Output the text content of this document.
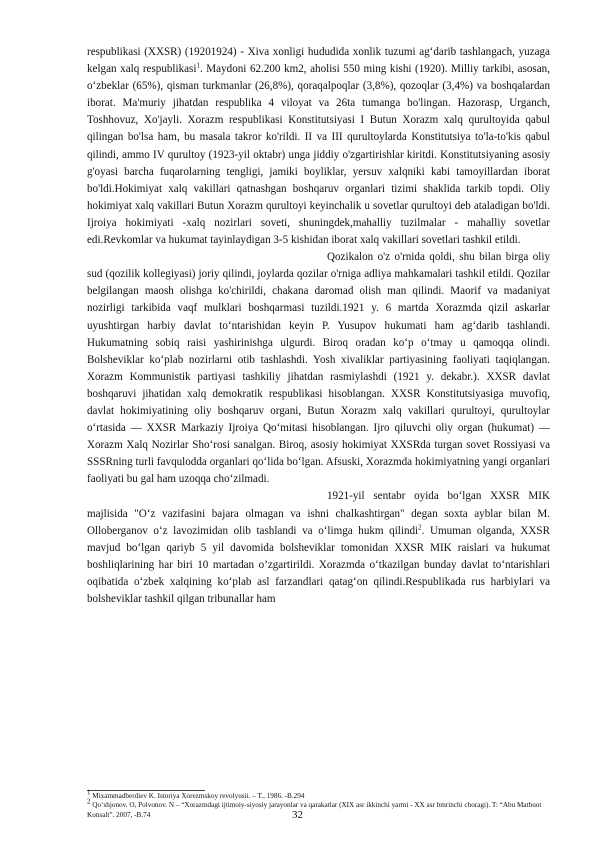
respublikasi (XXSR) (19201924) - Xiva xonligi hududida xonlik tuzumi ag‘darib tashlangach, yuzaga kelgan xalq respublikasi$^1$. Maydoni 62.200 km2, aholisi 550 ming kishi (1920). Milliy tarkibi, asosan, o‘zbeklar (65%), qisman turkmanlar (26,8%), qoraqalpoqlar (3,8%), qozoqlar (3,4%) va boshqalardan iborat. Ma'muriy jihatdan respublika 4 viloyat va 26ta tumanga bo'lingan. Hazorasp, Urganch, Toshhovuz, Xo'jayli. Xorazm respublikasi Konstitutsiyasi I Butun Xorazm xalq qurultoyida qabul qilingan bo'lsa ham, bu masala takror ko'rildi. II va III qurultoylarda Konstitutsiya to'la-to'kis qabul qilindi, ammo IV qurultoy (1923-yil oktabr) unga jiddiy o'zgartirishlar kiritdi. Konstitutsiyaning asosiy g'oyasi barcha fuqarolarning tengligi, jamiki boyliklar, yersuv xalqniki kabi tamoyillardan iborat bo'ldi.Hokimiyat xalq vakillari qatnashgan boshqaruv organlari tizimi shaklida tarkib topdi. Oliy hokimiyat xalq vakillari Butun Xorazm qurultoyi keyinchalik u sovetlar qurultoyi deb ataladigan bo'ldi. Ijroiya hokimiyati -xalq nozirlari soveti, shuningdek,mahalliy tuzilmalar - mahalliy sovetlar edi.Revkomlar va hukumat tayinlaydigan 3-5 kishidan iborat xalq vakillari sovetlari tashkil etildi.

Qozikalon o'z o'rnida qoldi, shu bilan birga oliy sud (qozilik kollegiyasi) joriy qilindi, joylarda qozilar o'rniga adliya mahkamalari tashkil etildi. Qozilar belgilangan maosh olishga ko'chirildi, chakana daromad olish man qilindi. Maorif va madaniyat nozirligi tarkibida vaqf mulklari boshqarmasi tuzildi.1921 y. 6 martda Xorazmda qizil askarlar uyushtirgan harbiy davlat to‘ntarishidan keyin P. Yusupov hukumati ham ag‘darib tashlandi. Hukumatning sobiq raisi yashirinishga ulgurdi. Biroq oradan ko‘p o‘tmay u qamoqqa olindi. Bolsheviklar ko‘plab nozirlarni otib tashlashdi. Yosh xivaliklar partiyasining faoliyati taqiqlangan. Xorazm Kommunistik partiyasi tashkiliy jihatdan rasmiylashdi (1921 y. dekabr.). XXSR davlat boshqaruvi jihatidan xalq demokratik respublikasi hisoblangan. XXSR Konstitutsiyasiga muvofiq, davlat hokimiyatining oliy boshqaruv organi, Butun Xorazm xalq vakillari qurultoyi, qurultoylar o‘rtasida — XXSR Markaziy Ijroiya Qo‘mitasi hisoblangan. Ijro qiluvchi oliy organ (hukumat) — Xorazm Xalq Nozirlar Sho‘rosi sanalgan. Biroq, asosiy hokimiyat XXSRda turgan sovet Rossiyasi va SSSRning turli favqulodda organlari qo‘lida bo‘lgan. Afsuski, Xorazmda hokimiyatning yangi organlari faoliyati bu gal ham uzoqqa cho‘zilmadi.

1921-yil sentabr oyida bo‘lgan XXSR MIK majlisida "O‘z vazifasini bajara olmagan va ishni chalkashtirgan" degan soxta ayblar bilan M. Olloberganov o‘z lavozimidan olib tashlandi va o‘limga hukm qilindi$^2$. Umuman olganda, XXSR mavjud bo‘lgan qariyb 5 yil davomida bolsheviklar tomonidan XXSR MIK raislari va hukumat boshliqlarining har biri 10 martadan o’zgartirildi. Xorazmda o‘tkazilgan bunday davlat to‘ntarishlari oqibatida o‘zbek xalqining ko‘plab asl farzandlari qatag‘on qilindi.Respublikada rus harbiylari va bolsheviklar tashkil qilgan tribunallar ham

$^1$ Mixammadberdiev K. Istoriya Xorezmskoy revolyusii. – T., 1986. -B.294

$^2$ Qo‘shjonov. O, Polvonov. N – “Xorazmdagi ijtimoiy-siyosiy jarayonlar va qarakatlar (XIX asr ikkinchi yarmi - XX asr bmrinchi choragi). T: “Abu Matbuot Konsalt”. 2007, -B.74	32
